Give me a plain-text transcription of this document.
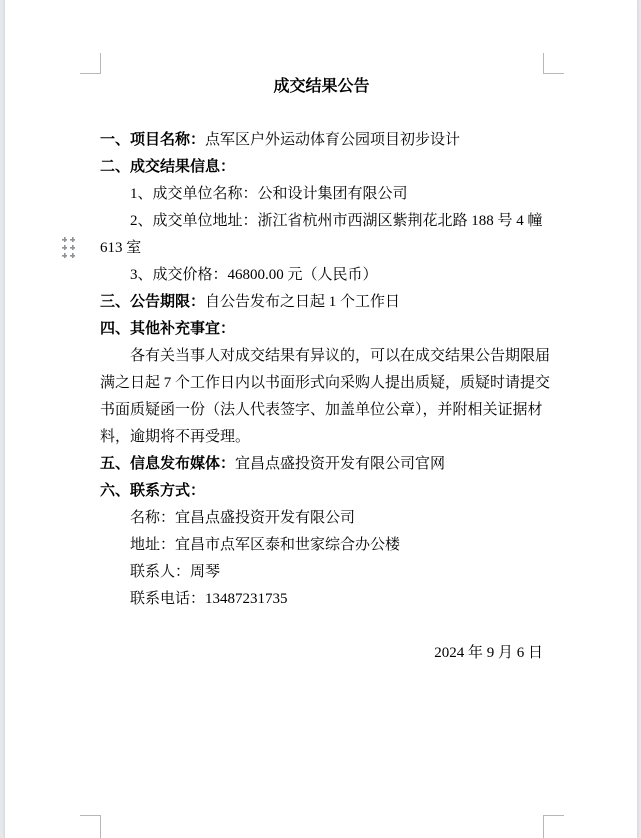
成交结果公告
一、项目名称：点军区户外运动体育公园项目初步设计
二、成交结果信息：
1、成交单位名称：公和设计集团有限公司
2、成交单位地址：浙江省杭州市西湖区紫荆花北路 188 号 4 幢
613 室
3、成交价格：46800.00 元（人民币）
三、公告期限：自公告发布之日起 1 个工作日
四、其他补充事宜：
各有关当事人对成交结果有异议的，可以在成交结果公告期限届
满之日起 7 个工作日内以书面形式向采购人提出质疑，质疑时请提交
书面质疑函一份（法人代表签字、加盖单位公章），并附相关证据材
料，逾期将不再受理。
五、信息发布媒体：宜昌点盛投资开发有限公司官网
六、联系方式：
名称：宜昌点盛投资开发有限公司
地址：宜昌市点军区泰和世家综合办公楼
联系人：周琴
联系电话：13487231735
2024 年 9 月 6 日
